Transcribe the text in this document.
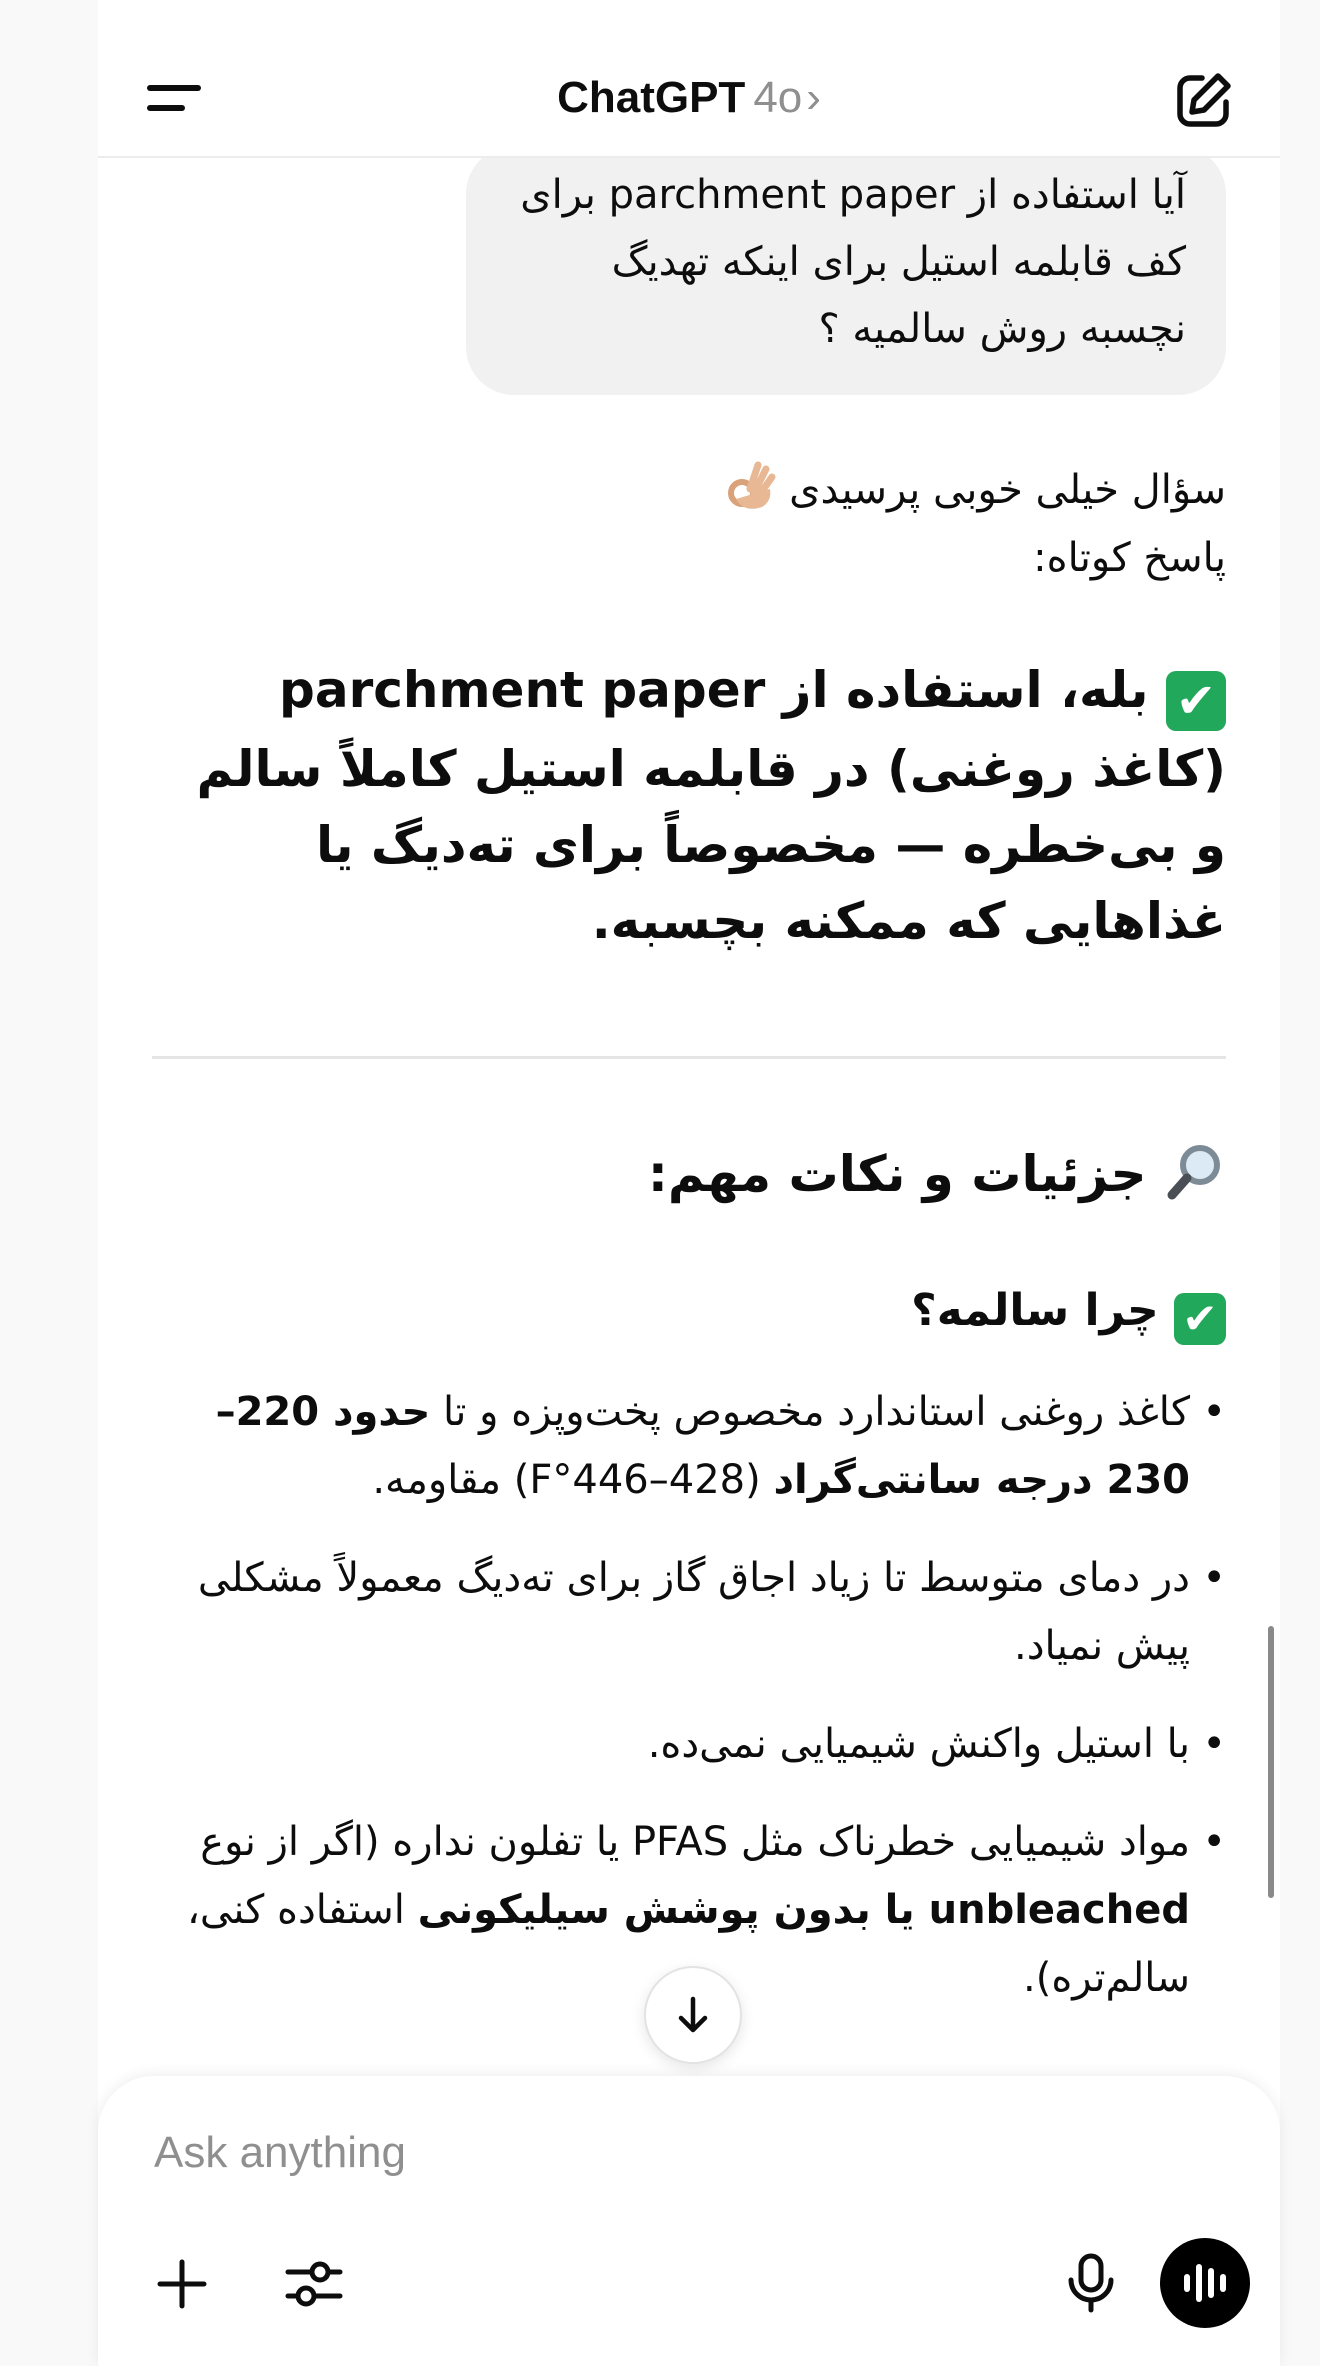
ChatGPT 4o›
آیا استفاده از parchment paper برای کف قابلمه استیل برای اینکه تهدیگ نچسبه روش سالمیه ؟
سؤال خیلی خوبی پرسیدی
پاسخ کوتاه:
✔ بله، استفاده از parchment paper (کاغذ روغنی) در قابلمه استیل کاملاً سالم و بی‌خطره — مخصوصاً برای ته‌دیگ یا غذاهایی که ممکنه بچسبه.
جزئیات و نکات مهم:
✔ چرا سالمه؟
•
کاغذ روغنی استاندارد مخصوص پخت‌وپزه و تا حدود 220–230 درجه سانتی‌گراد (428–446°F) مقاومه.
•
در دمای متوسط تا زیاد اجاق گاز برای ته‌دیگ معمولاً مشکلی پیش نمیاد.
•
با استیل واکنش شیمیایی نمی‌ده.
•
مواد شیمیایی خطرناک مثل PFAS یا تفلون نداره (اگر از نوع unbleached یا بدون پوشش سیلیکونی استفاده کنی، سالم‌تره).
Ask anything
